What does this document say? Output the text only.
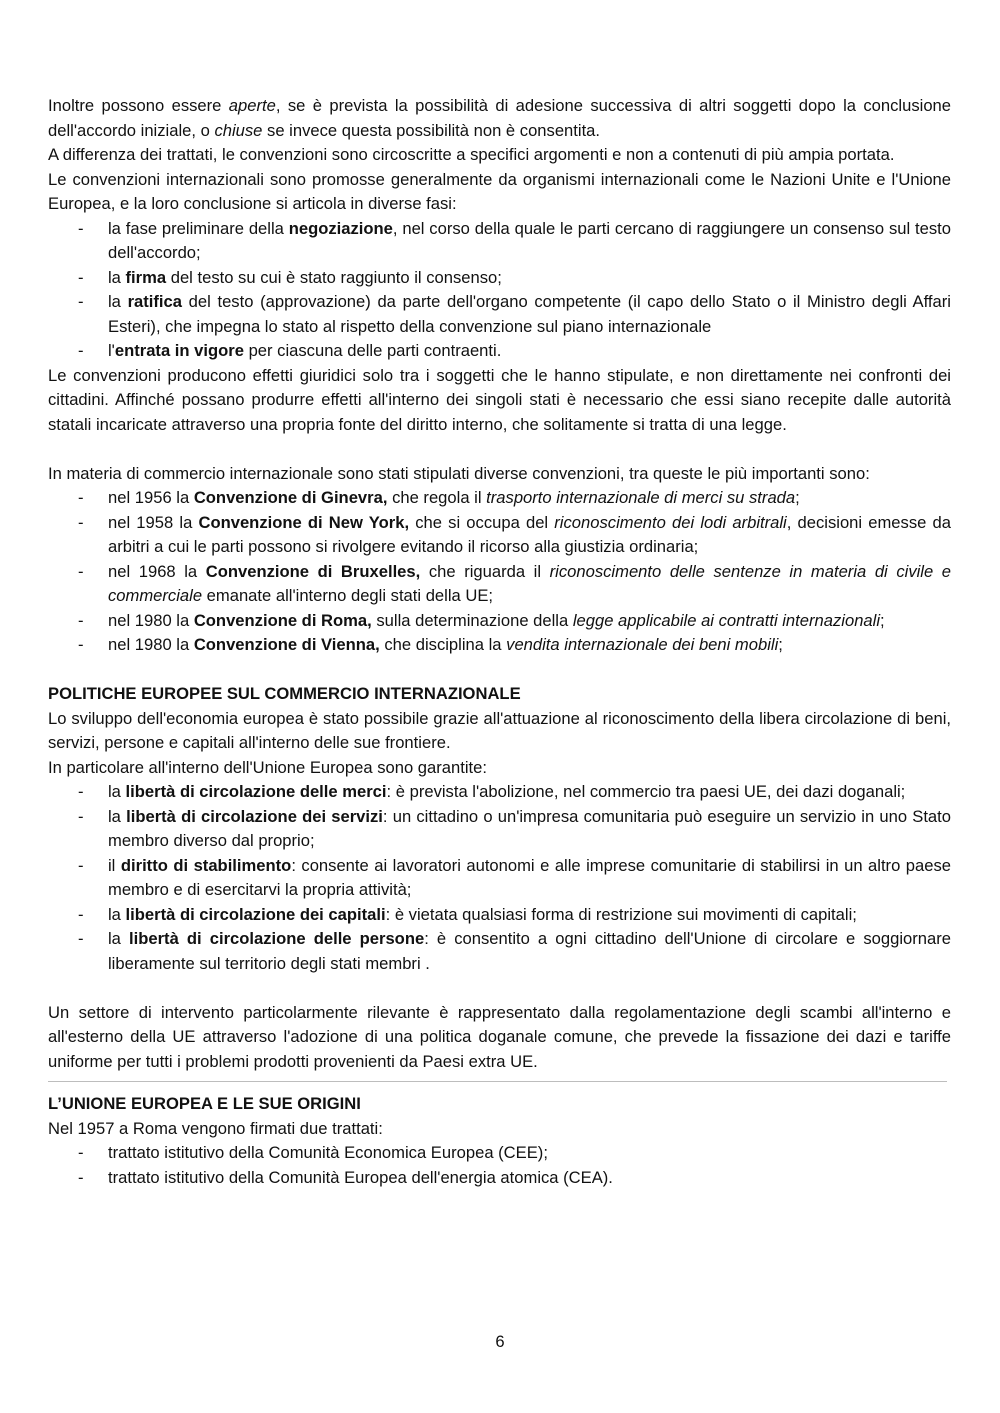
Inoltre possono essere aperte, se è prevista la possibilità di adesione successiva di altri soggetti dopo la conclusione dell'accordo iniziale, o chiuse se invece questa possibilità non è consentita.

A differenza dei trattati, le convenzioni sono circoscritte a specifici argomenti e non a contenuti di più ampia portata.

Le convenzioni internazionali sono promosse generalmente da organismi internazionali come le Nazioni Unite e l'Unione Europea, e la loro conclusione si articola in diverse fasi:

- la fase preliminare della negoziazione, nel corso della quale le parti cercano di raggiungere un consenso sul testo dell'accordo;
- la firma del testo su cui è stato raggiunto il consenso;
- la ratifica del testo (approvazione) da parte dell'organo competente (il capo dello Stato o il Ministro degli Affari Esteri), che impegna lo stato al rispetto della convenzione sul piano internazionale
- l'entrata in vigore per ciascuna delle parti contraenti.

Le convenzioni producono effetti giuridici solo tra i soggetti che le hanno stipulate, e non direttamente nei confronti dei cittadini. Affinché possano produrre effetti all'interno dei singoli stati è necessario che essi siano recepite dalle autorità statali incaricate attraverso una propria fonte del diritto interno, che solitamente si tratta di una legge.

In materia di commercio internazionale sono stati stipulati diverse convenzioni, tra queste le più importanti sono:

- nel 1956 la Convenzione di Ginevra, che regola il trasporto internazionale di merci su strada;
- nel 1958 la Convenzione di New York, che si occupa del riconoscimento dei lodi arbitrali, decisioni emesse da arbitri a cui le parti possono si rivolgere evitando il ricorso alla giustizia ordinaria;
- nel 1968 la Convenzione di Bruxelles, che riguarda il riconoscimento delle sentenze in materia di civile e commerciale emanate all'interno degli stati della UE;
- nel 1980 la Convenzione di Roma, sulla determinazione della legge applicabile ai contratti internazionali;
- nel 1980 la Convenzione di Vienna, che disciplina la vendita internazionale dei beni mobili;
POLITICHE EUROPEE SUL COMMERCIO INTERNAZIONALE

Lo sviluppo dell'economia europea è stato possibile grazie all'attuazione al riconoscimento della libera circolazione di beni, servizi, persone e capitali all'interno delle sue frontiere.

In particolare all'interno dell'Unione Europea sono garantite:

- la libertà di circolazione delle merci: è prevista l'abolizione, nel commercio tra paesi UE, dei dazi doganali;
- la libertà di circolazione dei servizi: un cittadino o un'impresa comunitaria può eseguire un servizio in uno Stato membro diverso dal proprio;
- il diritto di stabilimento: consente ai lavoratori autonomi e alle imprese comunitarie di stabilirsi in un altro paese membro e di esercitarvi la propria attività;
- la libertà di circolazione dei capitali: è vietata qualsiasi forma di restrizione sui movimenti di capitali;
- la libertà di circolazione delle persone: è consentito a ogni cittadino dell'Unione di circolare e soggiornare liberamente sul territorio degli stati membri .

Un settore di intervento particolarmente rilevante è rappresentato dalla regolamentazione degli scambi all'interno e all'esterno della UE attraverso l'adozione di una politica doganale comune, che prevede la fissazione dei dazi e tariffe uniforme per tutti i problemi prodotti provenienti da Paesi extra UE.

L’UNIONE EUROPEA E LE SUE ORIGINI

Nel 1957 a Roma vengono firmati due trattati:

- trattato istitutivo della Comunità Economica Europea (CEE);
- trattato istitutivo della Comunità Europea dell'energia atomica (CEA).
6
